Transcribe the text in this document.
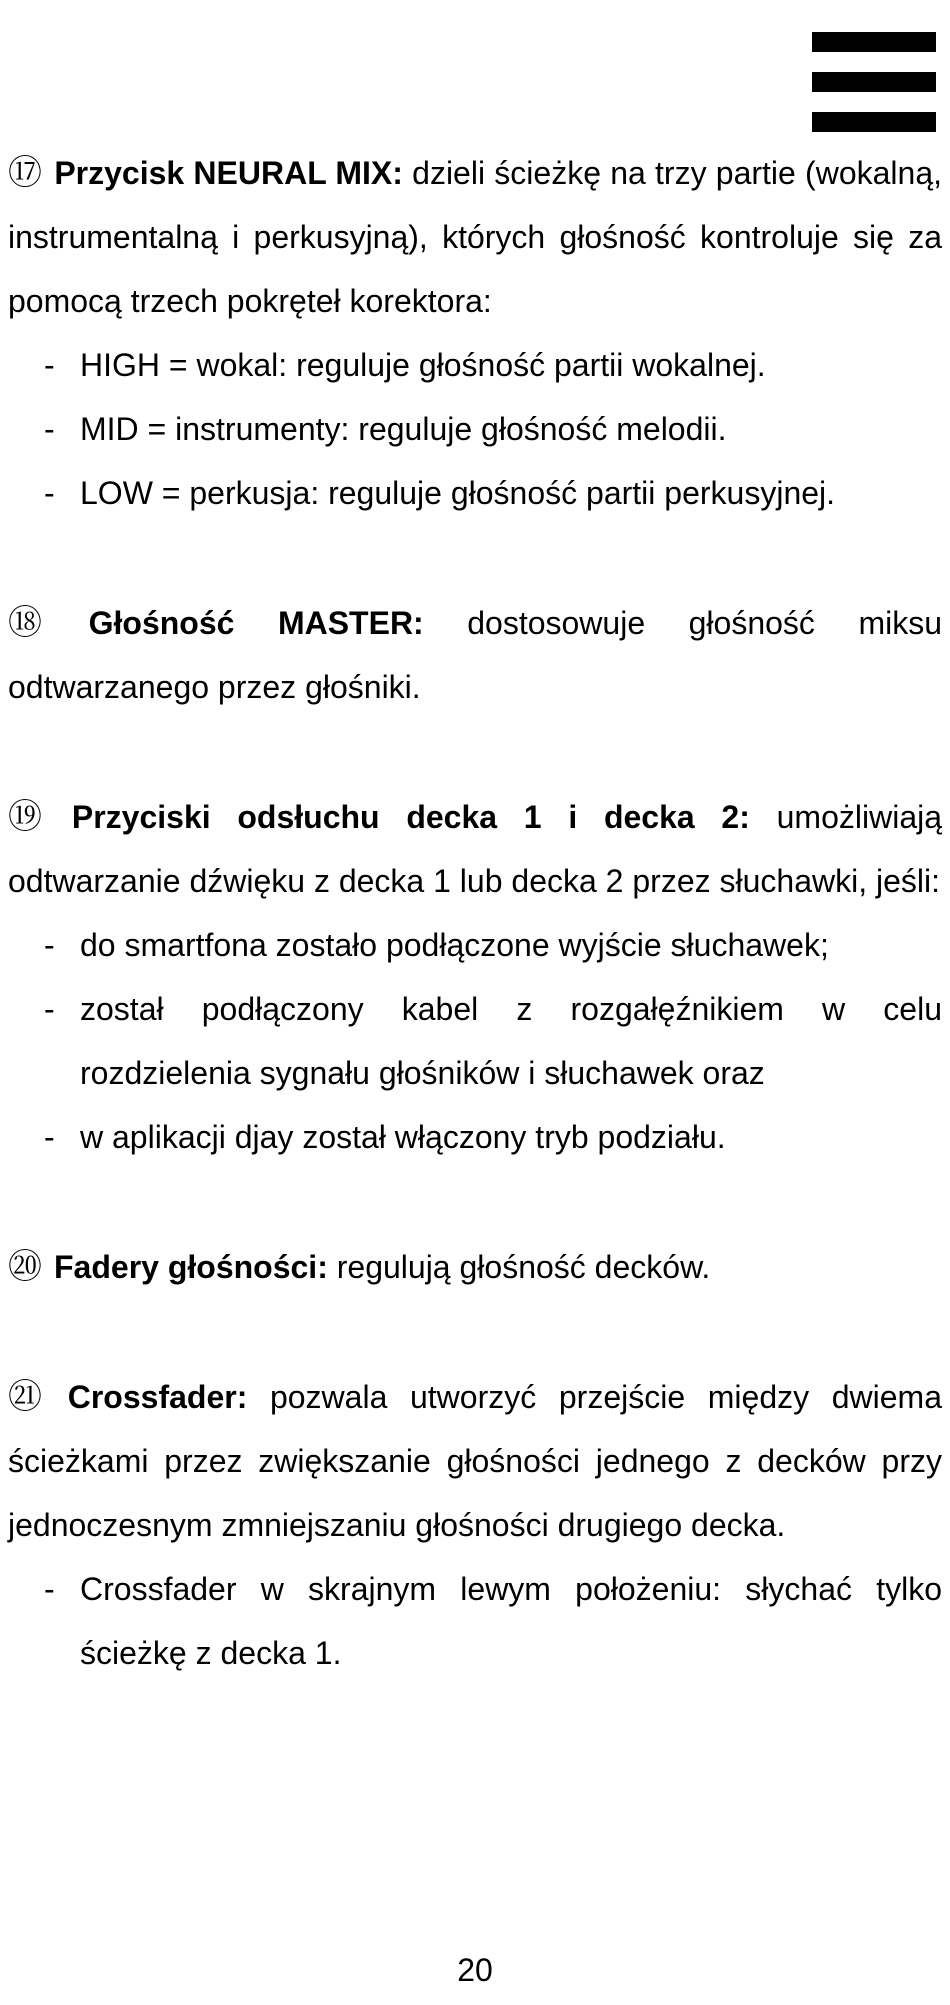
⑰ Przycisk NEURAL MIX: dzieli ścieżkę na trzy partie (wokalną, instrumentalną i perkusyjną), których głośność kontroluje się za pomocą trzech pokręteł korektora:
- HIGH = wokal: reguluje głośność partii wokalnej.
- MID = instrumenty: reguluje głośność melodii.
- LOW = perkusja: reguluje głośność partii perkusyjnej.
⑱ Głośność MASTER: dostosowuje głośność miksu odtwarzanego przez głośniki.
⑲ Przyciski odsłuchu decka 1 i decka 2: umożliwiają odtwarzanie dźwięku z decka 1 lub decka 2 przez słuchawki, jeśli:
- do smartfona zostało podłączone wyjście słuchawek;
- został podłączony kabel z rozgałęźnikiem w celu rozdzielenia sygnału głośników i słuchawek oraz
- w aplikacji djay został włączony tryb podziału.
⑳ Fadery głośności: regulują głośność decków.
㉑ Crossfader: pozwala utworzyć przejście między dwiema ścieżkami przez zwiększanie głośności jednego z decków przy jednoczesnym zmniejszaniu głośności drugiego decka.
- Crossfader w skrajnym lewym położeniu: słychać tylko ścieżkę z decka 1.
20
